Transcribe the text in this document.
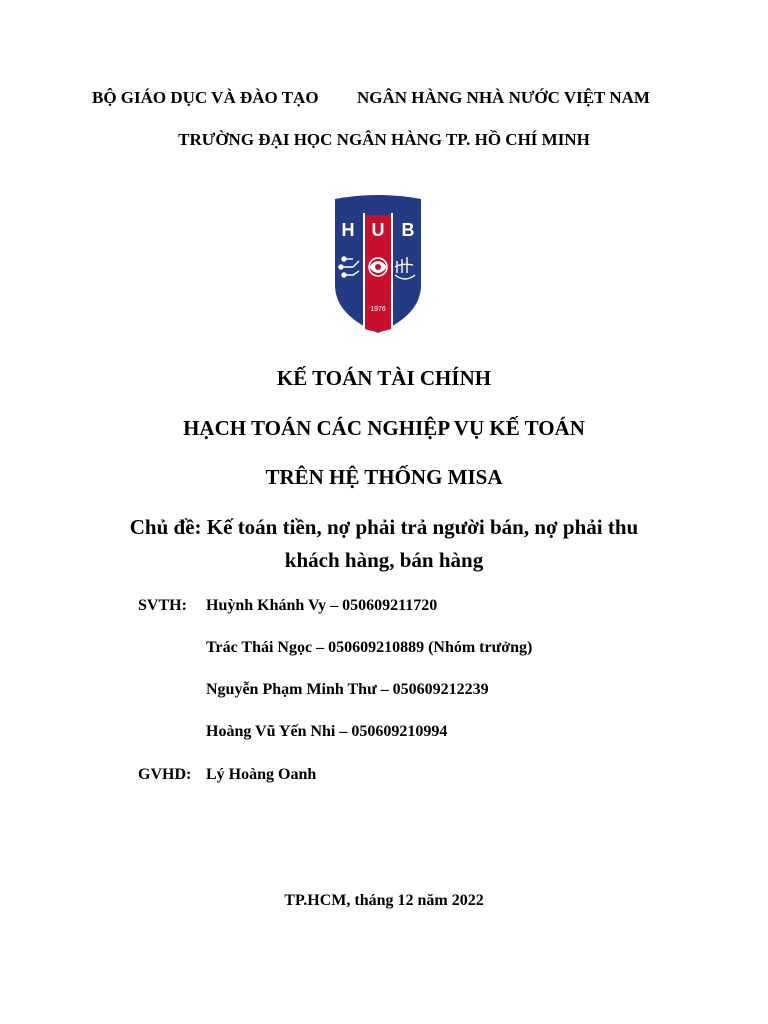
BỘ GIÁO DỤC VÀ ĐÀO TẠO NGÂN HÀNG NHÀ NƯỚC VIỆT NAM
TRƯỜNG ĐẠI HỌC NGÂN HÀNG TP. HỒ CHÍ MINH
H U B
1976
KẾ TOÁN TÀI CHÍNH
HẠCH TOÁN CÁC NGHIỆP VỤ KẾ TOÁN
TRÊN HỆ THỐNG MISA
Chủ đề: Kế toán tiền, nợ phải trả người bán, nợ phải thu
khách hàng, bán hàng
SVTH: Huỳnh Khánh Vy – 050609211720
Trác Thái Ngọc – 050609210889 (Nhóm trưởng)
Nguyễn Phạm Minh Thư – 050609212239
Hoàng Vũ Yến Nhi – 050609210994
GVHD: Lý Hoàng Oanh
TP.HCM, tháng 12 năm 2022
